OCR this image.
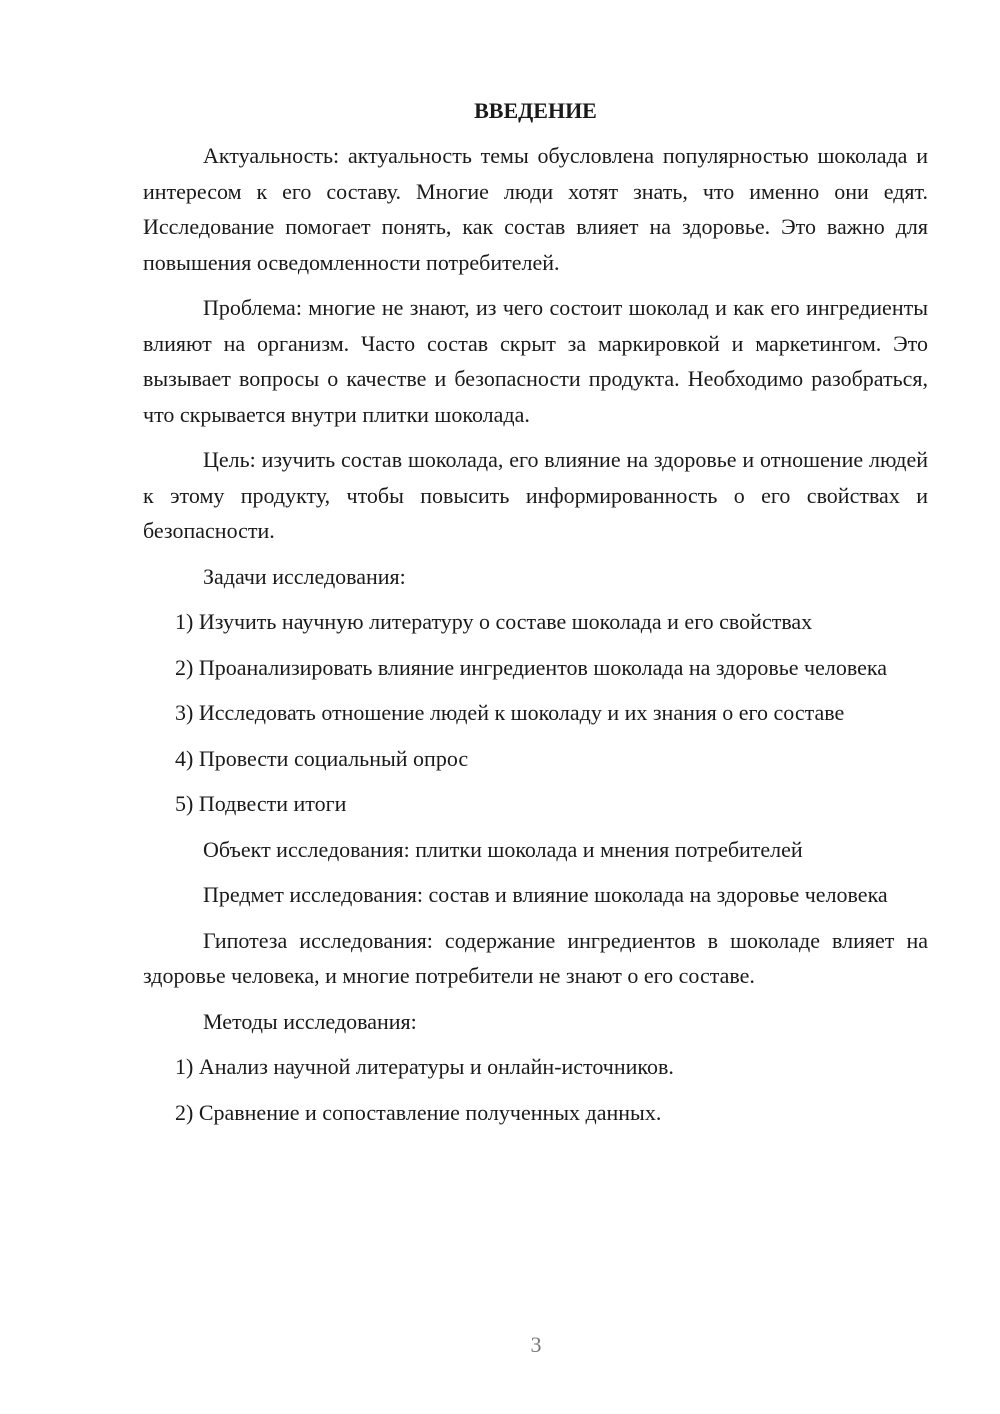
ВВЕДЕНИЕ
Актуальность: актуальность темы обусловлена популярностью шоколада и интересом к его составу. Многие люди хотят знать, что именно они едят. Исследование помогает понять, как состав влияет на здоровье. Это важно для повышения осведомленности потребителей.
Проблема: многие не знают, из чего состоит шоколад и как его ингредиенты влияют на организм. Часто состав скрыт за маркировкой и маркетингом. Это вызывает вопросы о качестве и безопасности продукта. Необходимо разобраться, что скрывается внутри плитки шоколада.
Цель: изучить состав шоколада, его влияние на здоровье и отношение людей к этому продукту, чтобы повысить информированность о его свойствах и безопасности.
Задачи исследования:
1) Изучить научную литературу о составе шоколада и его свойствах
2) Проанализировать влияние ингредиентов шоколада на здоровье человека
3) Исследовать отношение людей к шоколаду и их знания о его составе
4) Провести социальный опрос
5) Подвести итоги
Объект исследования: плитки шоколада и мнения потребителей
Предмет исследования: состав и влияние шоколада на здоровье человека
Гипотеза исследования: содержание ингредиентов в шоколаде влияет на здоровье человека, и многие потребители не знают о его составе.
Методы исследования:
1) Анализ научной литературы и онлайн-источников.
2) Сравнение и сопоставление полученных данных.
3
